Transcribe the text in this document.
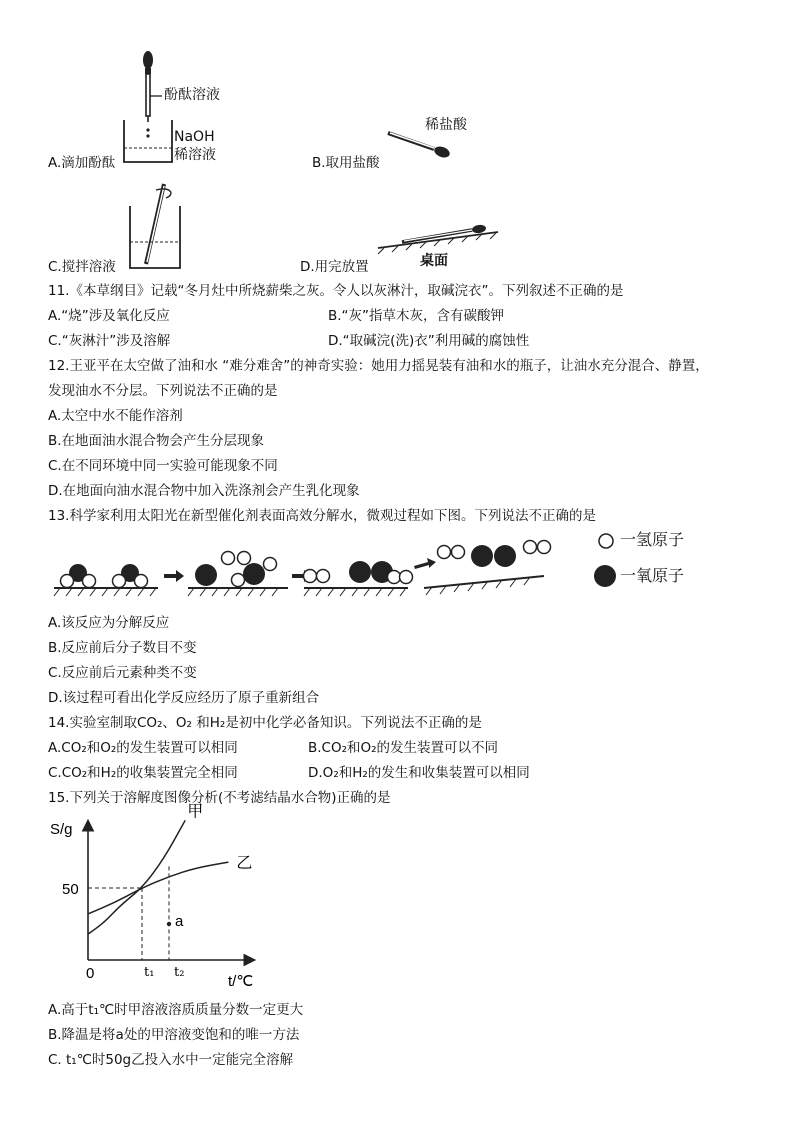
酚酞溶液
NaOH
稀溶液
A.滴加酚酞
稀盐酸
B.取用盐酸
C.搅拌溶液	桌面
D.用完放置
11.《本草纲目》记载“冬月灶中所烧薪柴之灰。令人以灰淋汁，取碱浣衣”。下列叙述不正确的是
A.“烧”涉及氧化反应	B.“灰”指草木灰，含有碳酸钾
C.“灰淋汁”涉及溶解	D.“取碱浣(洗)衣”利用碱的腐蚀性
12.王亚平在太空做了油和水 “难分难舍”的神奇实验：她用力摇晃装有油和水的瓶子，让油水充分混合、静置，
发现油水不分层。下列说法不正确的是
A.太空中水不能作溶剂
B.在地面油水混合物会产生分层现象
C.在不同环境中同一实验可能现象不同
D.在地面向油水混合物中加入洗涤剂会产生乳化现象
13.科学家利用太阳光在新型催化剂表面高效分解水，微观过程如下图。下列说法不正确的是
一氢原子
一氧原子
A.该反应为分解反应
B.反应前后分子数目不变
C.反应前后元素种类不变
D.该过程可看出化学反应经历了原子重新组合
14.实验室制取CO₂、O₂ 和H₂是初中化学必备知识。下列说法不正确的是
A.CO₂和O₂的发生装置可以相同	B.CO₂和O₂的发生装置可以不同
C.CO₂和H₂的收集装置完全相同	D.O₂和H₂的发生和收集装置可以相同
15.下列关于溶解度图像分析(不考滤结晶水合物)正确的是
S/g
t/℃
0
50
t₁ t₂
甲
乙
a
A.高于t₁℃时甲溶液溶质质量分数一定更大
B.降温是将a处的甲溶液变饱和的唯一方法
C. t₁℃时50g乙投入水中一定能完全溶解
